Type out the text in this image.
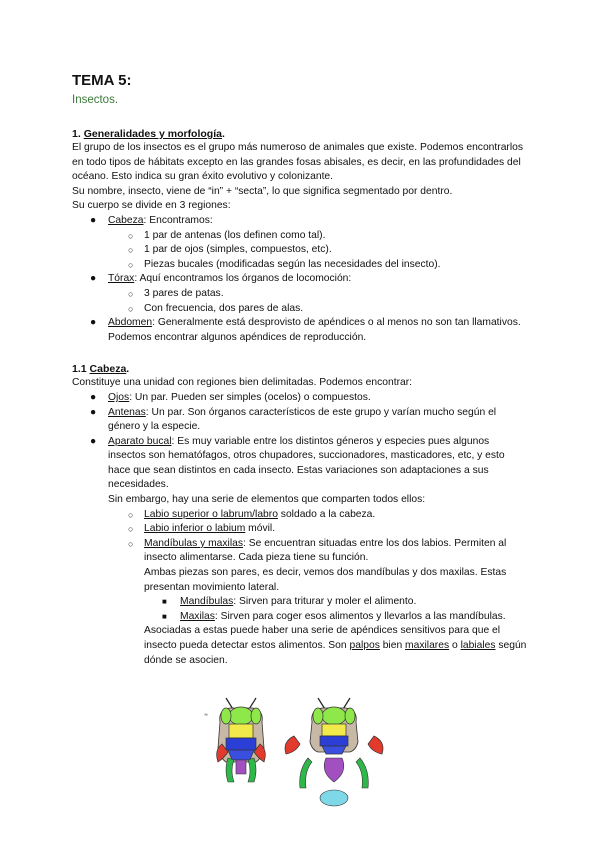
TEMA 5:
Insectos.
1. Generalidades y morfología.

El grupo de los insectos es el grupo más numeroso de animales que existe. Podemos encontrarlos en todo tipos de hábitats excepto en las grandes fosas abisales, es decir, en las profundidades del océano. Esto indica su gran éxito evolutivo y colonizante.

Su nombre, insecto, viene de “in” + “secta”, lo que significa segmentado por dentro.

Su cuerpo se divide en 3 regiones:

● Cabeza: Encontramos:
○ 1 par de antenas (los definen como tal).
○ 1 par de ojos (simples, compuestos, etc).
○ Piezas bucales (modificadas según las necesidades del insecto).
● Tórax: Aquí encontramos los órganos de locomoción:
○ 3 pares de patas.
○ Con frecuencia, dos pares de alas.
● Abdomen: Generalmente está desprovisto de apéndices o al menos no son tan llamativos. Podemos encontrar algunos apéndices de reproducción.
1.1 Cabeza.

Constituye una unidad con regiones bien delimitadas. Podemos encontrar:

● Ojos: Un par. Pueden ser simples (ocelos) o compuestos.
● Antenas: Un par. Son órganos característicos de este grupo y varían mucho según el género y la especie.
● Aparato bucal: Es muy variable entre los distintos géneros y especies pues algunos insectos son hematófagos, otros chupadores, succionadores, masticadores, etc, y esto hace que sean distintos en cada insecto. Estas variaciones son adaptaciones a sus necesidades.

Sin embargo, hay una serie de elementos que comparten todos ellos:

○ Labio superior o labrum/labro soldado a la cabeza.
○ Labio inferior o labium móvil.
○ Mandíbulas y maxilas: Se encuentran situadas entre los dos labios. Permiten al insecto alimentarse. Cada pieza tiene su función.

Ambas piezas son pares, es decir, vemos dos mandíbulas y dos maxilas. Estas presentan movimiento lateral.

■ Mandíbulas: Sirven para triturar y moler el alimento.
■ Maxilas: Sirven para coger esos alimentos y llevarlos a las mandíbulas.

Asociadas a estas puede haber una serie de apéndices sensitivos para que el insecto pueda detectar estos alimentos. Son palpos bien maxilares o labiales según dónde se asocien.

≈
